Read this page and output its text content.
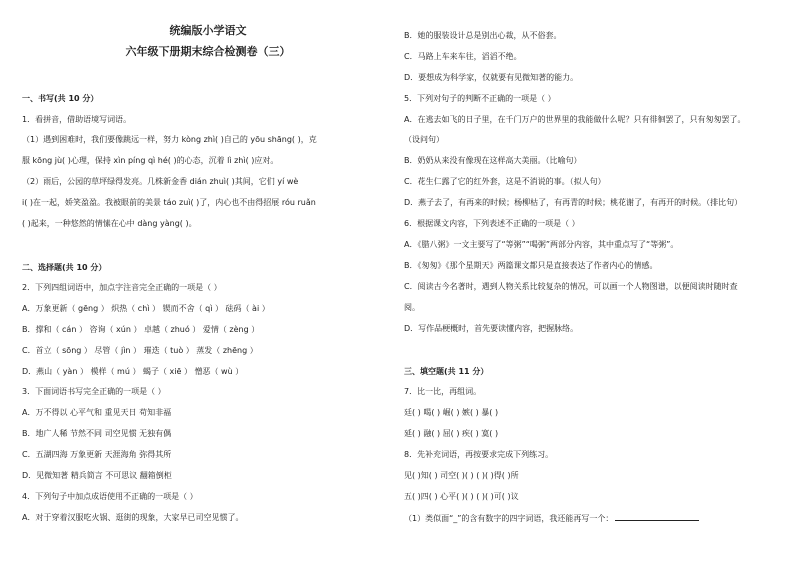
统编版小学语文
六年级下册期末综合检测卷（三）
一、书写(共 10 分）
1．看拼音，借助语境写词语。
（1）遇到困难时，我们要像跳远一样，努力 kòng zhì( )自己的 yōu shāng( )，克
服 kōng jù( )心理，保持 xìn píng qì hé( )的心态，沉着 lì zhì( )应对。
（2）雨后，公园的草坪绿得发亮。几株新金香 dián zhuì( )其间，它们 yí wè
i( )在一起，娇笑盈盈。我被眼前的美景 táo zuì( )了，内心也不由得招展 róu ruǎn
( )起来，一种悠然的情愫在心中 dàng yàng( )。
二、选择题(共 10 分）
2．下列四组词语中，加点字注音完全正确的一项是（ ）
A．万象更新（ gēng ） 炽热（ chì ） 锲而不舍（ qì ） 砝码（ ài ）
B．撑和（ cán ） 咨询（ xún ） 卓越（ zhuó ） 爱情（ zèng ）
C．首立（ sōng ） 尽管（ jìn ） 璀迭（ tuò ） 蒸发（ zhēng ）
D．燕山（ yàn ） 模样（ mú ） 蝎子（ xiē ） 憎恶（ wù ）
3．下面词语书写完全正确的一项是（ ）
A．万不得以 心平气和 重见天日 苟知非福
B．地广人稀 节然不同 司空见惯 无独有偶
C．五湖四海 万象更新 天涯海角 弥得其所
D．见微知著 精兵简言 不可思议 翻箱倒柜
4．下列句子中加点成语使用不正确的一项是（ ）
A．对于穿着汉服吃火锅、逛街的现象，大家早已司空见惯了。
B．她的服装设计总是别出心裁，从不俗套。
C．马路上车来车往，滔滔不绝。
D．要想成为科学家，仅就要有见微知著的能力。
5．下列对句子的判断不正确的一项是（ ）
A．在逃去如飞的日子里，在千门万户的世界里的我能做什么呢？只有徘徊罢了，只有匆匆罢了。
（设问句）
B．奶奶从来没有像现在这样高大美丽。（比喻句）
C．花生仁露了它的红外套，这是不消说的事。（拟人句）
D．燕子去了，有再来的时候；杨柳枯了，有再青的时候；桃花谢了，有再开的时候。（排比句）
6．根据课文内容，下列表述不正确的一项是（ ）
A．《腊八粥》一文主要写了“等粥”“喝粥”两部分内容，其中重点写了“等粥”。
B．《匆匆》《那个星期天》两篇课文都只是直接表达了作者内心的情感。
C．阅读古今名著时，遇到人物关系比较复杂的情况，可以画一个人物图谱，以便阅读时随时查
阅。
D．写作品梗概时，首先要读懂内容，把握脉络。
三、填空题(共 11 分）
7．比一比，再组词。
廷( ) 喝( ) 崛( ) 嫉( ) 暴( )
延( ) 融( ) 屈( ) 疾( ) 寞( )
8．先补充词语，再按要求完成下列练习。
见( )知( ) 司空( )( ) ( )( )得( )所
五( )四( ) 心平( )( ) ( )( )可( )议
（1）类似面“_”的含有数字的四字词语，我还能再写一个：
